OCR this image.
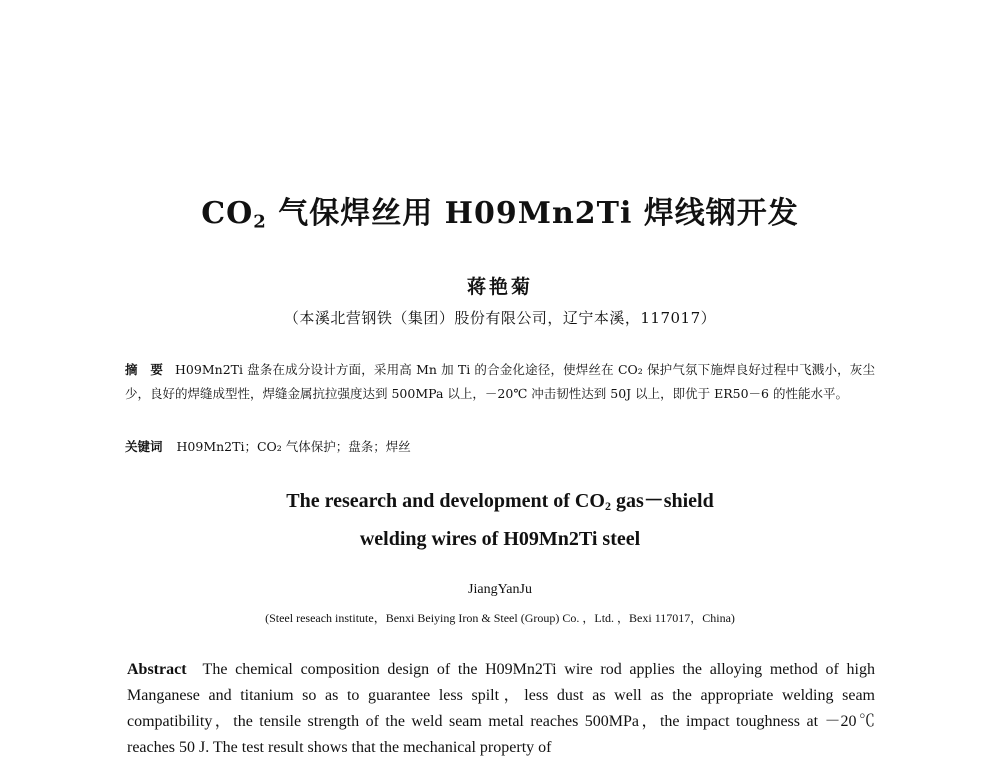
$CO_2$ 气保焊丝用 H09Mn2Ti 焊线钢开发
蒋艳菊
（本溪北营钢铁（集团）股份有限公司，辽宁本溪，117017）
摘　要 H09Mn2Ti 盘条在成分设计方面，采用高 Mn 加 Ti 的合金化途径，使焊丝在 CO₂ 保护气氛下施焊良好过程中飞溅小，灰尘少，良好的焊缝成型性，焊缝金属抗拉强度达到 500MPa 以上，－20℃ 冲击韧性达到 50J 以上，即优于 ER50－6 的性能水平。
关键词 H09Mn2Ti；CO₂ 气体保护；盘条；焊丝
The research and development of $CO_2$ gas－shield
welding wires of H09Mn2Ti steel
JiangYanJu
(Steel reseach institute，Benxi Beiying Iron & Steel (Group) Co. ，Ltd. ，Bexi 117017，China)
Abstract The chemical composition design of the H09Mn2Ti wire rod applies the alloying method of high Manganese and titanium so as to guarantee less spilt，less dust as well as the appropriate welding seam compatibility，the tensile strength of the weld seam metal reaches 500MPa，the impact toughness at －20℃ reaches 50 J. The test result shows that the mechanical property of
